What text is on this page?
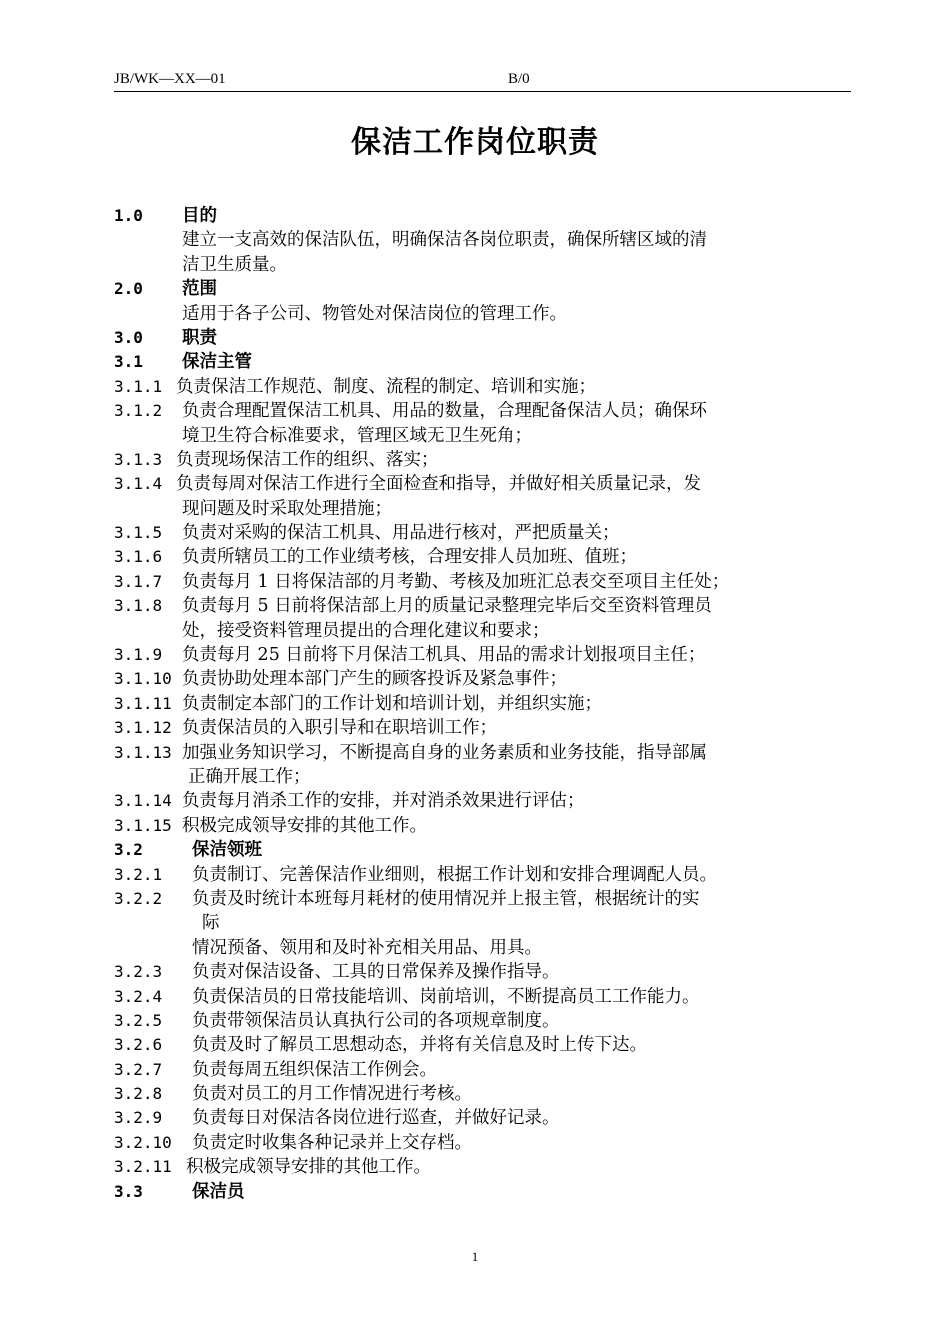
JB/WK—XX—01	B/0
保洁工作岗位职责
1.0 目的
建立一支高效的保洁队伍，明确保洁各岗位职责，确保所辖区域的清
洁卫生质量。
2.0 范围
适用于各子公司、物管处对保洁岗位的管理工作。
3.0 职责
3.1 保洁主管
3.1.1 负责保洁工作规范、制度、流程的制定、培训和实施；
3.1.2 负责合理配置保洁工机具、用品的数量，合理配备保洁人员；确保环
境卫生符合标准要求，管理区域无卫生死角；
3.1.3 负责现场保洁工作的组织、落实；
3.1.4 负责每周对保洁工作进行全面检查和指导，并做好相关质量记录，发
现问题及时采取处理措施；
3.1.5 负责对采购的保洁工机具、用品进行核对，严把质量关；
3.1.6 负责所辖员工的工作业绩考核，合理安排人员加班、值班；
3.1.7 负责每月 1 日将保洁部的月考勤、考核及加班汇总表交至项目主任处；
3.1.8 负责每月 5 日前将保洁部上月的质量记录整理完毕后交至资料管理员
处，接受资料管理员提出的合理化建议和要求；
3.1.9 负责每月 25 日前将下月保洁工机具、用品的需求计划报项目主任；
3.1.10 负责协助处理本部门产生的顾客投诉及紧急事件；
3.1.11 负责制定本部门的工作计划和培训计划，并组织实施；
3.1.12 负责保洁员的入职引导和在职培训工作；
3.1.13 加强业务知识学习，不断提高自身的业务素质和业务技能，指导部属
正确开展工作；
3.1.14 负责每月消杀工作的安排，并对消杀效果进行评估；
3.1.15 积极完成领导安排的其他工作。
3.2	保洁领班
3.2.1 负责制订、完善保洁作业细则，根据工作计划和安排合理调配人员。
3.2.2 负责及时统计本班每月耗材的使用情况并上报主管，根据统计的实
际
情况预备、领用和及时补充相关用品、用具。
3.2.3 负责对保洁设备、工具的日常保养及操作指导。
3.2.4 负责保洁员的日常技能培训、岗前培训，不断提高员工工作能力。
3.2.5 负责带领保洁员认真执行公司的各项规章制度。
3.2.6 负责及时了解员工思想动态，并将有关信息及时上传下达。
3.2.7 负责每周五组织保洁工作例会。
3.2.8 负责对员工的月工作情况进行考核。
3.2.9 负责每日对保洁各岗位进行巡查，并做好记录。
3.2.10 负责定时收集各种记录并上交存档。
3.2.11 积极完成领导安排的其他工作。
3.3	保洁员
1
